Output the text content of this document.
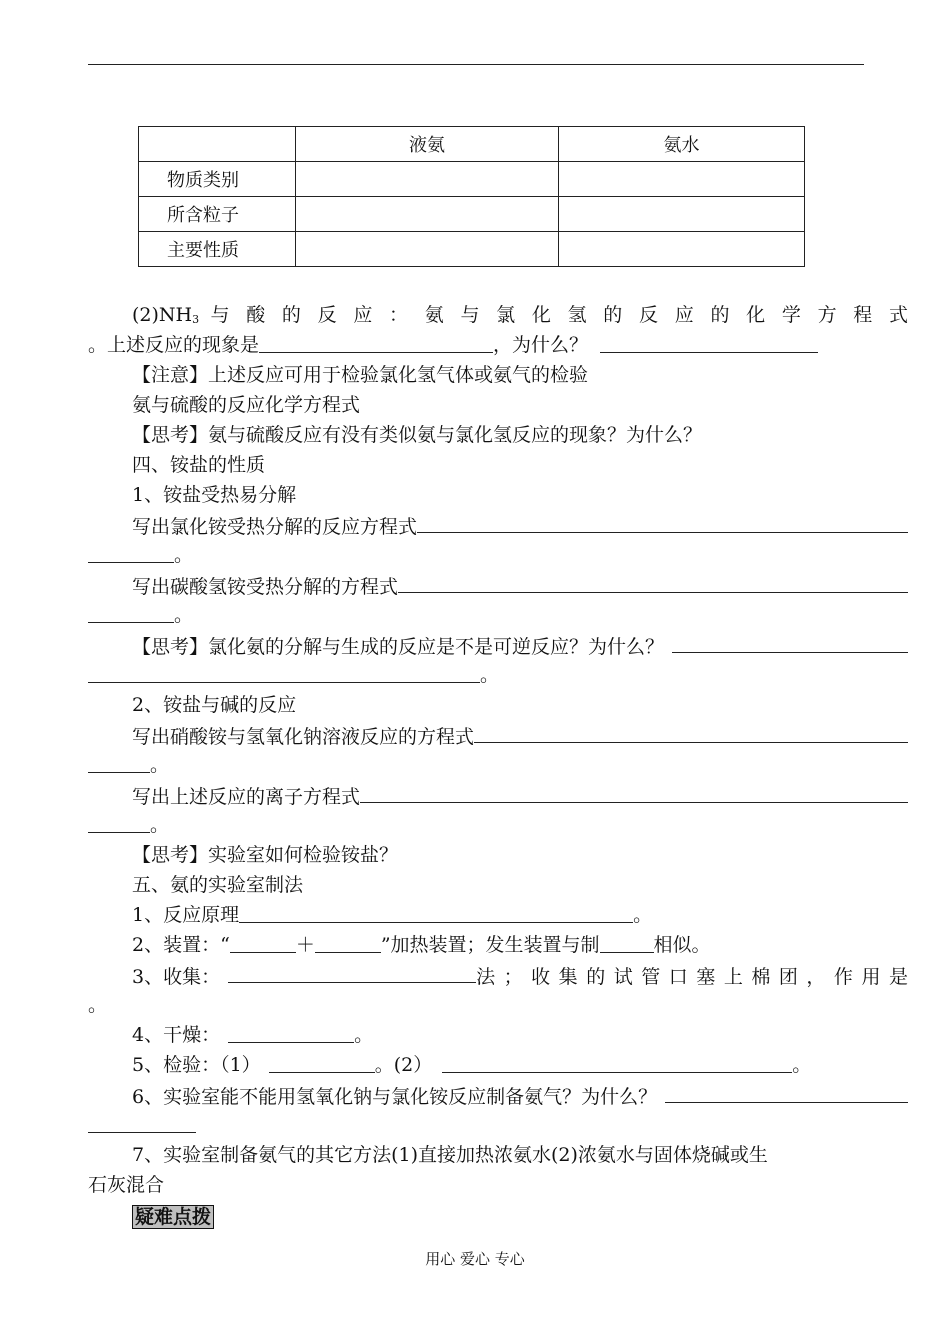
	液氨	氨水
物质类别		
所含粒子		
主要性质		
$(2)NH_3$ 与 酸 的 反 应 ： 氨 与 氯 化 氢 的 反 应 的 化 学 方 程 式
。上述反应的现象是	，为什么？
【注意】上述反应可用于检验氯化氢气体或氨气的检验
氨与硫酸的反应化学方程式
【思考】氨与硫酸反应有没有类似氨与氯化氢反应的现象？为什么？
四、铵盐的性质
1、铵盐受热易分解
写出氯化铵受热分解的反应方程式
。
写出碳酸氢铵受热分解的方程式
。
【思考】氯化氨的分解与生成的反应是不是可逆反应？为什么？
。
2、铵盐与碱的反应
写出硝酸铵与氢氧化钠溶液反应的方程式
。
写出上述反应的离子方程式
。
【思考】实验室如何检验铵盐？
五、氨的实验室制法
1、反应原理	。
2、装置：“	＋	”加热装置；发生装置与制	相似。
3、收集：	法；收集的试管口塞上棉团，作用是
。
4、干燥：	。
5、检验：（1）	。(2）	。
6、实验室能不能用氢氧化钠与氯化铵反应制备氨气？为什么？
7、实验室制备氨气的其它方法(1)直接加热浓氨水(2)浓氨水与固体烧碱或生
石灰混合
疑难点拨
用心 爱心 专心
